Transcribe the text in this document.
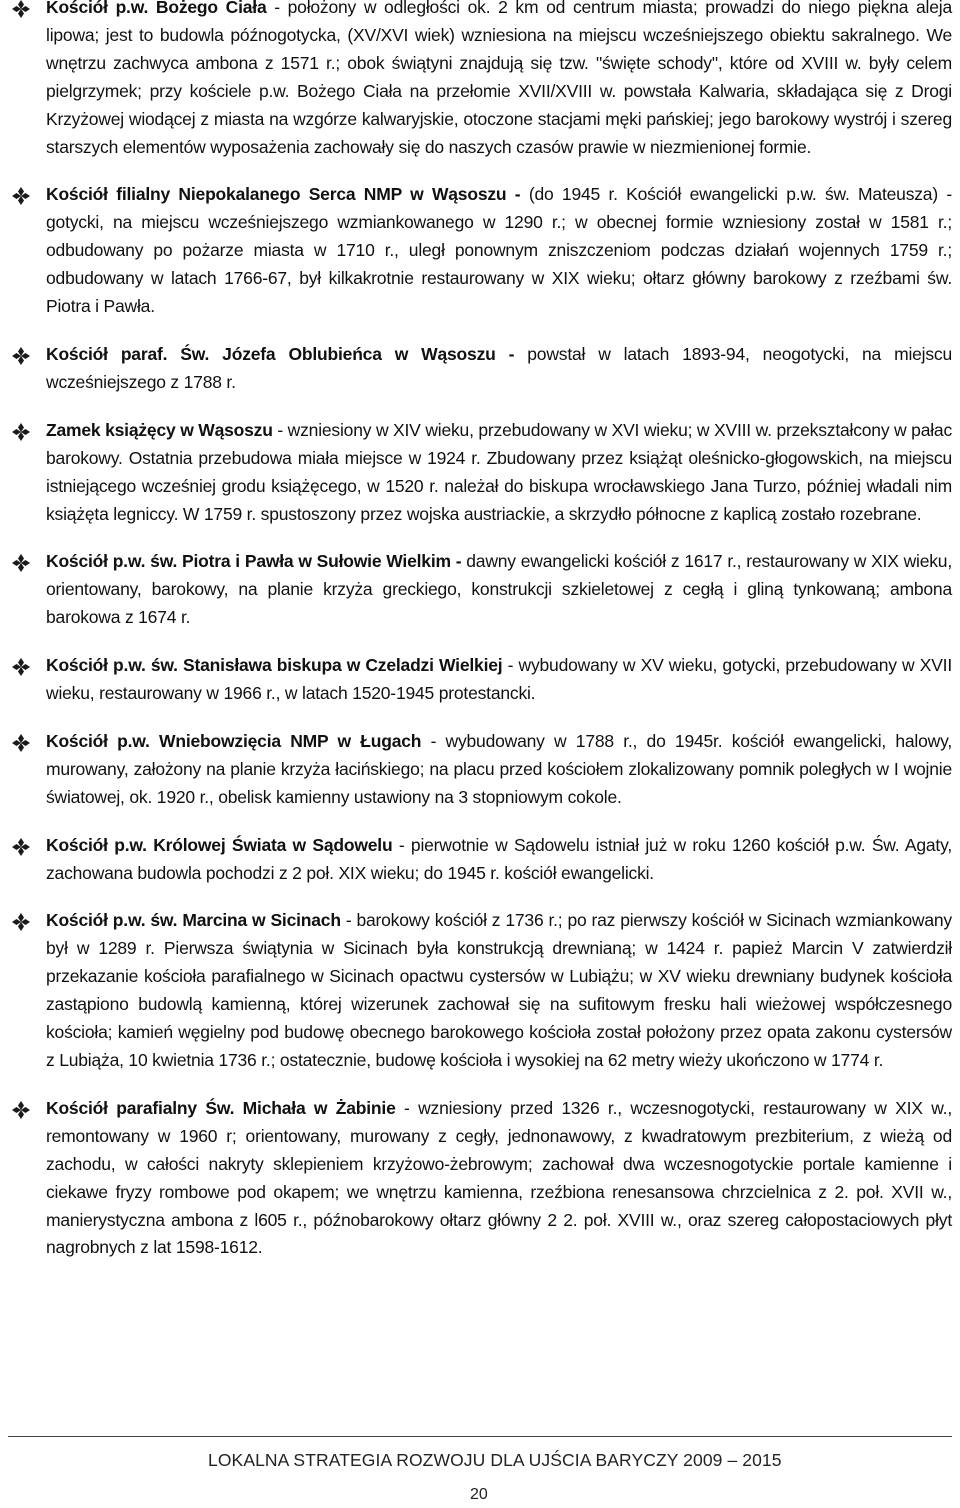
Kościół p.w. Bożego Ciała - położony w odległości ok. 2 km od centrum miasta; prowadzi do niego piękna aleja lipowa; jest to budowla późnogotycka, (XV/XVI wiek) wzniesiona na miejscu wcześniejszego obiektu sakralnego. We wnętrzu zachwyca ambona z 1571 r.; obok świątyni znajdują się tzw. "święte schody", które od XVIII w. były celem pielgrzymek; przy kościele p.w. Bożego Ciała na przełomie XVII/XVIII w. powstała Kalwaria, składająca się z Drogi Krzyżowej wiodącej z miasta na wzgórze kalwaryjskie, otoczone stacjami męki pańskiej; jego barokowy wystrój i szereg starszych elementów wyposażenia zachowały się do naszych czasów prawie w niezmienionej formie.
Kościół filialny Niepokalanego Serca NMP w Wąsoszu - (do 1945 r. Kościół ewangelicki p.w. św. Mateusza) - gotycki, na miejscu wcześniejszego wzmiankowanego w 1290 r.; w obecnej formie wzniesiony został w 1581 r.; odbudowany po pożarze miasta w 1710 r., uległ ponownym zniszczeniom podczas działań wojennych 1759 r.; odbudowany w latach 1766-67, był kilkakrotnie restaurowany w XIX wieku; ołtarz główny barokowy z rzeźbami św. Piotra i Pawła.
Kościół paraf. Św. Józefa Oblubieńca w Wąsoszu - powstał w latach 1893-94, neogotycki, na miejscu wcześniejszego z 1788 r.
Zamek książęcy w Wąsoszu - wzniesiony w XIV wieku, przebudowany w XVI wieku; w XVIII w. przekształcony w pałac barokowy. Ostatnia przebudowa miała miejsce w 1924 r. Zbudowany przez książąt oleśnicko-głogowskich, na miejscu istniejącego wcześniej grodu książęcego, w 1520 r. należał do biskupa wrocławskiego Jana Turzo, później władali nim książęta legniccy. W 1759 r. spustoszony przez wojska austriackie, a skrzydło północne z kaplicą zostało rozebrane.
Kościół p.w. św. Piotra i Pawła w Sułowie Wielkim - dawny ewangelicki kościół z 1617 r., restaurowany w XIX wieku, orientowany, barokowy, na planie krzyża greckiego, konstrukcji szkieletowej z cegłą i gliną tynkowaną; ambona barokowa z 1674 r.
Kościół p.w. św. Stanisława biskupa w Czeladzi Wielkiej - wybudowany w XV wieku, gotycki, przebudowany w XVII wieku, restaurowany w 1966 r., w latach 1520-1945 protestancki.
Kościół p.w. Wniebowzięcia NMP w Ługach - wybudowany w 1788 r., do 1945r. kościół ewangelicki, halowy, murowany, założony na planie krzyża łacińskiego; na placu przed kościołem zlokalizowany pomnik poległych w I wojnie światowej, ok. 1920 r., obelisk kamienny ustawiony na 3 stopniowym cokole.
Kościół p.w. Królowej Świata w Sądowelu - pierwotnie w Sądowelu istniał już w roku 1260 kościół p.w. Św. Agaty, zachowana budowla pochodzi z 2 poł. XIX wieku; do 1945 r. kościół ewangelicki.
Kościół p.w. św. Marcina w Sicinach - barokowy kościół z 1736 r.; po raz pierwszy kościół w Sicinach wzmiankowany był w 1289 r. Pierwsza świątynia w Sicinach była konstrukcją drewnianą; w 1424 r. papież Marcin V zatwierdził przekazanie kościoła parafialnego w Sicinach opactwu cystersów w Lubiążu; w XV wieku drewniany budynek kościoła zastąpiono budowlą kamienną, której wizerunek zachował się na sufitowym fresku hali wieżowej współczesnego kościoła; kamień węgielny pod budowę obecnego barokowego kościoła został położony przez opata zakonu cystersów z Lubiąża, 10 kwietnia 1736 r.; ostatecznie, budowę kościoła i wysokiej na 62 metry wieży ukończono w 1774 r.
Kościół parafialny Św. Michała w Żabinie - wzniesiony przed 1326 r., wczesnogotycki, restaurowany w XIX w., remontowany w 1960 r; orientowany, murowany z cegły, jednonawowy, z kwadratowym prezbiterium, z wieżą od zachodu, w całości nakryty sklepieniem krzyżowo-żebrowym; zachował dwa wczesnogotyckie portale kamienne i ciekawe fryzy rombowe pod okapem; we wnętrzu kamienna, rzeźbiona renesansowa chrzcielnica z 2. poł. XVII w., manierystyczna ambona z l605 r., późnobarokowy ołtarz główny 2 2. poł. XVIII w., oraz szereg całopostaciowych płyt nagrobnych z lat 1598-1612.
LOKALNA STRATEGIA ROZWOJU DLA UJŚCIA BARYCZY 2009 – 2015
20
